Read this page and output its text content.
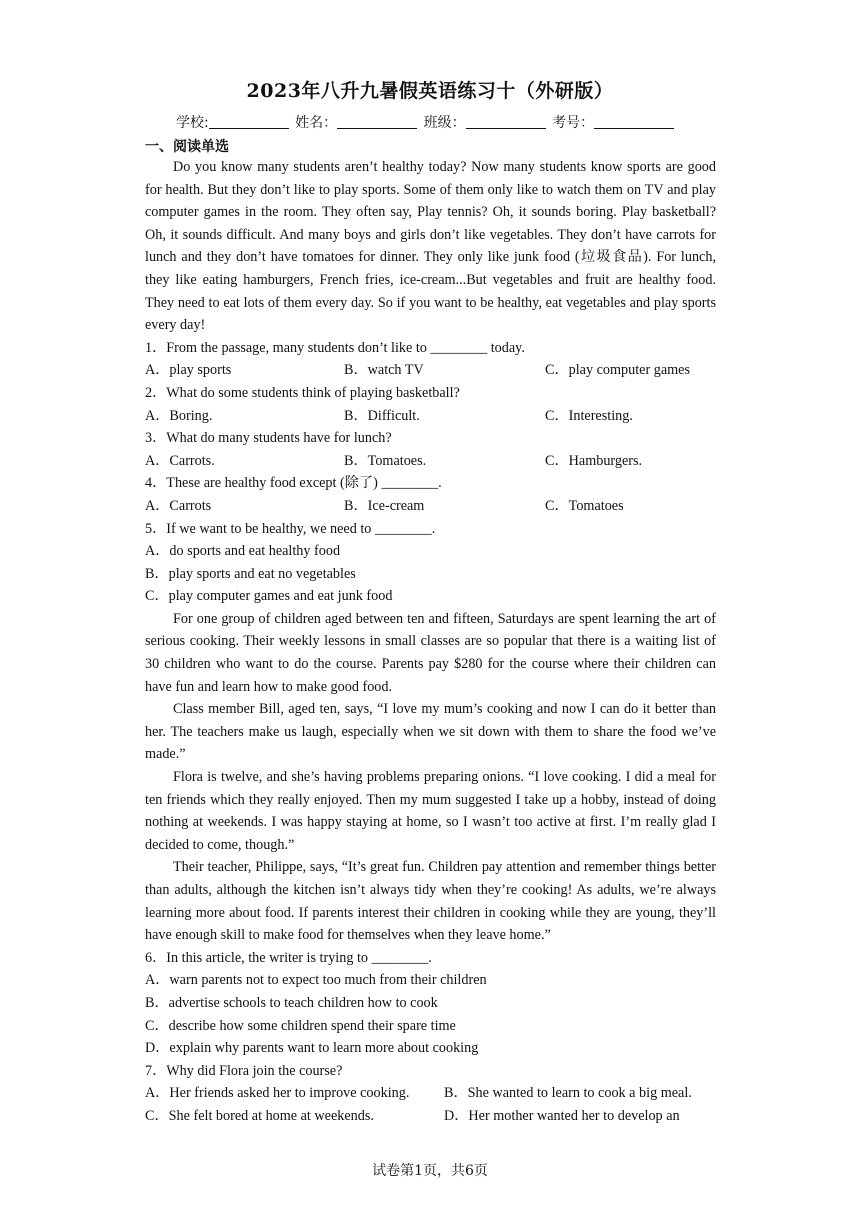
2023年八升九暑假英语练习十（外研版）
学校:	姓名：	班级：	考号：
一、阅读单选

Do you know many students aren’t healthy today? Now many students know sports are good for health. But they don’t like to play sports. Some of them only like to watch them on TV and play computer games in the room. They often say, Play tennis? Oh, it sounds boring. Play basketball? Oh, it sounds difficult. And many boys and girls don’t like vegetables. They don’t have carrots for lunch and they don’t have tomatoes for dinner. They only like junk food (垃圾食品). For lunch, they like eating hamburgers, French fries, ice-cream...But vegetables and fruit are healthy food. They need to eat lots of them every day. So if you want to be healthy, eat vegetables and play sports every day!

1．From the passage, many students don’t like to ________ today.

A．play sports	B．watch TV	C．play computer games

2．What do some students think of playing basketball?

A．Boring.	B．Difficult.	C．Interesting.

3．What do many students have for lunch?

A．Carrots.	B．Tomatoes.	C．Hamburgers.

4．These are healthy food except (除了) ________.

A．Carrots	B．Ice-cream	C．Tomatoes

5．If we want to be healthy, we need to ________.

A．do sports and eat healthy food

B．play sports and eat no vegetables

C．play computer games and eat junk food

For one group of children aged between ten and fifteen, Saturdays are spent learning the art of serious cooking. Their weekly lessons in small classes are so popular that there is a waiting list of 30 children who want to do the course. Parents pay $280 for the course where their children can have fun and learn how to make good food.

Class member Bill, aged ten, says, “I love my mum’s cooking and now I can do it better than her. The teachers make us laugh, especially when we sit down with them to share the food we’ve made.”

Flora is twelve, and she’s having problems preparing onions. “I love cooking. I did a meal for ten friends which they really enjoyed. Then my mum suggested I take up a hobby, instead of doing nothing at weekends. I was happy staying at home, so I wasn’t too active at first. I’m really glad I decided to come, though.”

Their teacher, Philippe, says, “It’s great fun. Children pay attention and remember things better than adults, although the kitchen isn’t always tidy when they’re cooking! As adults, we’re always learning more about food. If parents interest their children in cooking while they are young, they’ll have enough skill to make food for themselves when they leave home.”

6．In this article, the writer is trying to ________.

A．warn parents not to expect too much from their children

B．advertise schools to teach children how to cook

C．describe how some children spend their spare time

D．explain why parents want to learn more about cooking

7．Why did Flora join the course?

A．Her friends asked her to improve cooking.	B．She wanted to learn to cook a big meal.
C．She felt bored at home at weekends.	D．Her mother wanted her to develop an
试卷第1页，共6页
